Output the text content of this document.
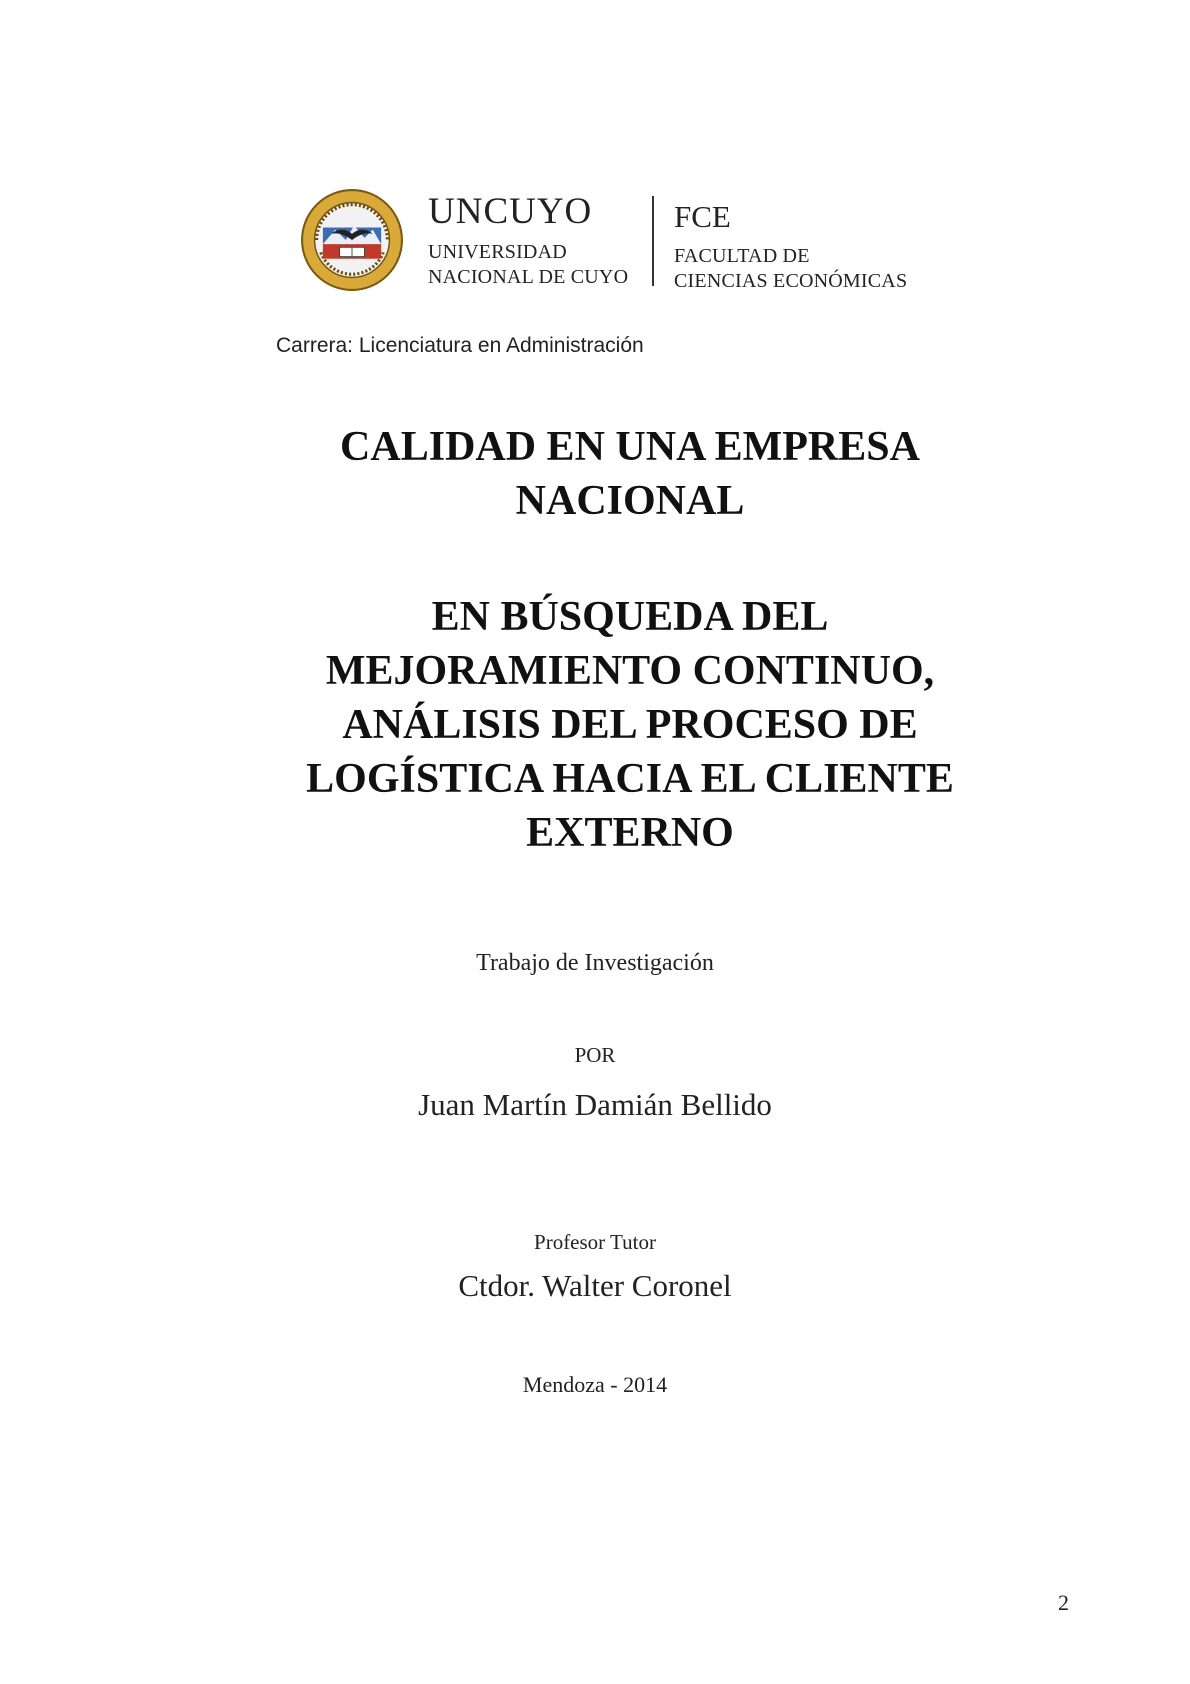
UNCUYO
UNIVERSIDAD
NACIONAL DE CUYO
FCE
FACULTAD DE
CIENCIAS ECONÓMICAS
Carrera: Licenciatura en Administración
CALIDAD EN UNA EMPRESA
NACIONAL
EN BÚSQUEDA DEL
MEJORAMIENTO CONTINUO,
ANÁLISIS DEL PROCESO DE
LOGÍSTICA HACIA EL CLIENTE
EXTERNO
Trabajo de Investigación
POR
Juan Martín Damián Bellido
Profesor Tutor
Ctdor. Walter Coronel
Mendoza - 2014
2
